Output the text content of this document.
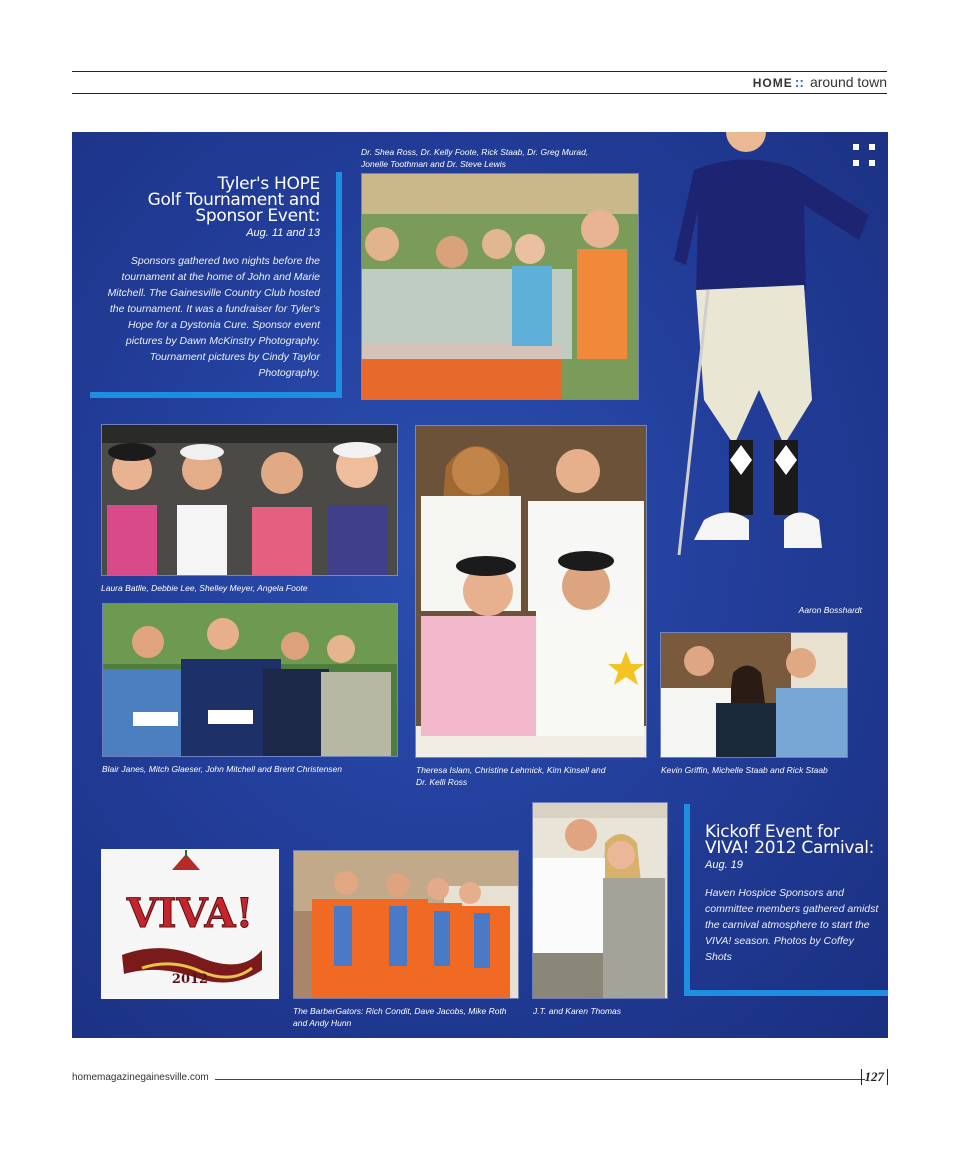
HOME :: around town
Tyler's HOPE
Golf Tournament and
Sponsor Event:
Aug. 11 and 13
Sponsors gathered two nights before the tournament at the home of John and Marie Mitchell. The Gainesville Country Club hosted the tournament. It was a fundraiser for Tyler's Hope for a Dystonia Cure. Sponsor event pictures by Dawn McKinstry Photography. Tournament pictures by Cindy Taylor Photography.
Dr. Shea Ross, Dr. Kelly Foote, Rick Staab, Dr. Greg Murad, Jonelle Toothman and Dr. Steve Lewis
Aaron Bosshardt
Laura Batlle, Debbie Lee, Shelley Meyer, Angela Foote
Theresa Islam, Christine Lehmick, Kim Kinsell and Dr. Kelli Ross
Blair Janes, Mitch Glaeser, John Mitchell and Brent Christensen	Kevin Griffin, Michelle Staab and Rick Staab
VIVA!
2012
The BarberGators: Rich Condit, Dave Jacobs, Mike Roth and Andy Hunn
J.T. and Karen Thomas
Kickoff Event for
VIVA! 2012 Carnival:
Aug. 19
Haven Hospice Sponsors and committee members gathered amidst the carnival atmosphere to start the VIVA! season. Photos by Coffey Shots
homemagazinegainesville.com	127
